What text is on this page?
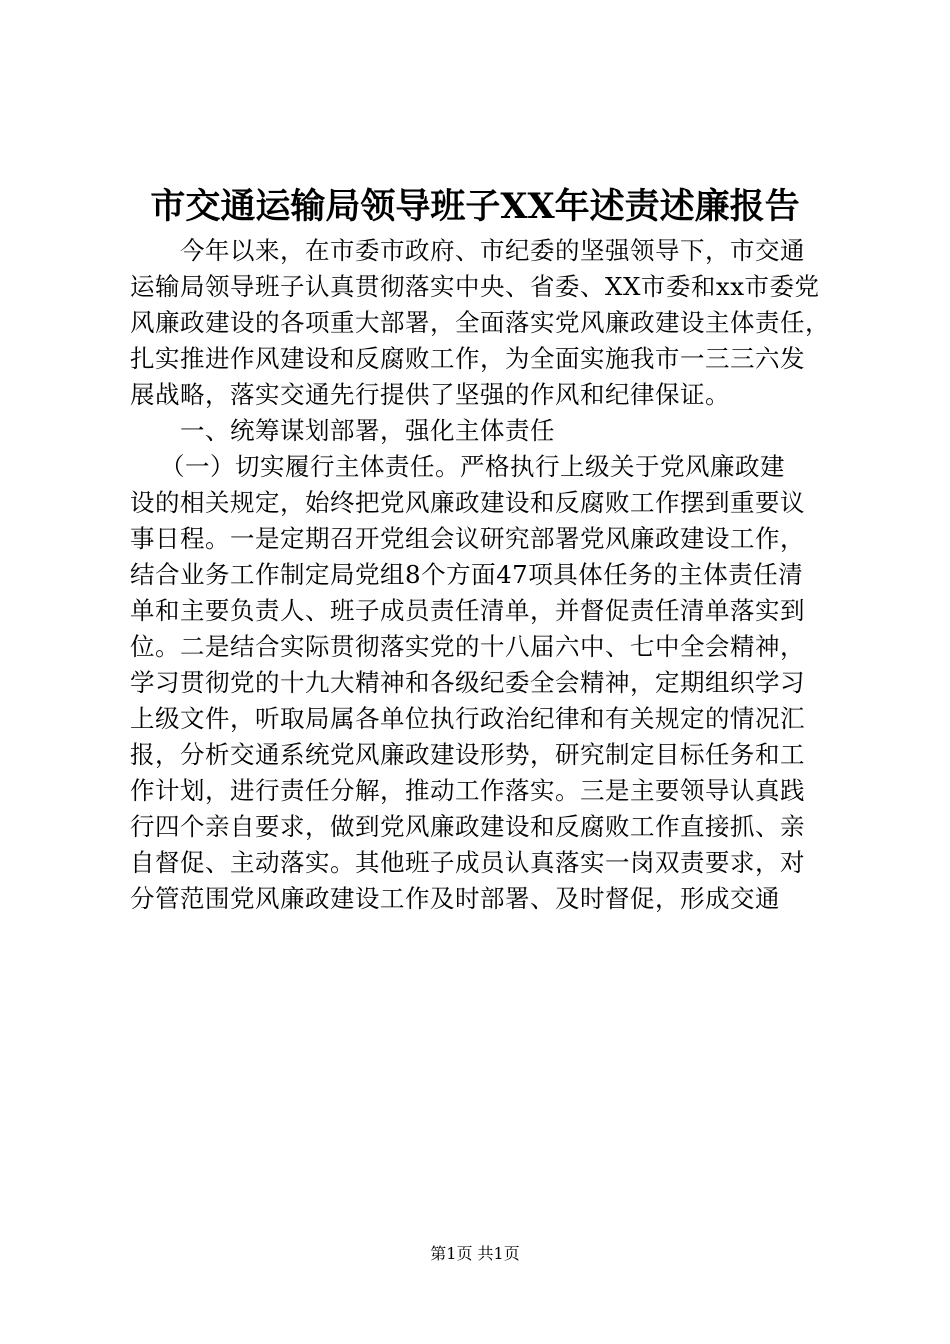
市交通运输局领导班子XX年述责述廉报告
今年以来，在市委市政府、市纪委的坚强领导下，市交通
运输局领导班子认真贯彻落实中央、省委、XX市委和xx市委党
风廉政建设的各项重大部署，全面落实党风廉政建设主体责任，
扎实推进作风建设和反腐败工作，为全面实施我市一三三六发
展战略，落实交通先行提供了坚强的作风和纪律保证。
一、统筹谋划部署，强化主体责任
（一）切实履行主体责任。严格执行上级关于党风廉政建
设的相关规定，始终把党风廉政建设和反腐败工作摆到重要议
事日程。一是定期召开党组会议研究部署党风廉政建设工作，
结合业务工作制定局党组8个方面47项具体任务的主体责任清
单和主要负责人、班子成员责任清单，并督促责任清单落实到
位。二是结合实际贯彻落实党的十八届六中、七中全会精神，
学习贯彻党的十九大精神和各级纪委全会精神，定期组织学习
上级文件，听取局属各单位执行政治纪律和有关规定的情况汇
报，分析交通系统党风廉政建设形势，研究制定目标任务和工
作计划，进行责任分解，推动工作落实。三是主要领导认真践
行四个亲自要求，做到党风廉政建设和反腐败工作直接抓、亲
自督促、主动落实。其他班子成员认真落实一岗双责要求，对
分管范围党风廉政建设工作及时部署、及时督促，形成交通
第1页 共1页
